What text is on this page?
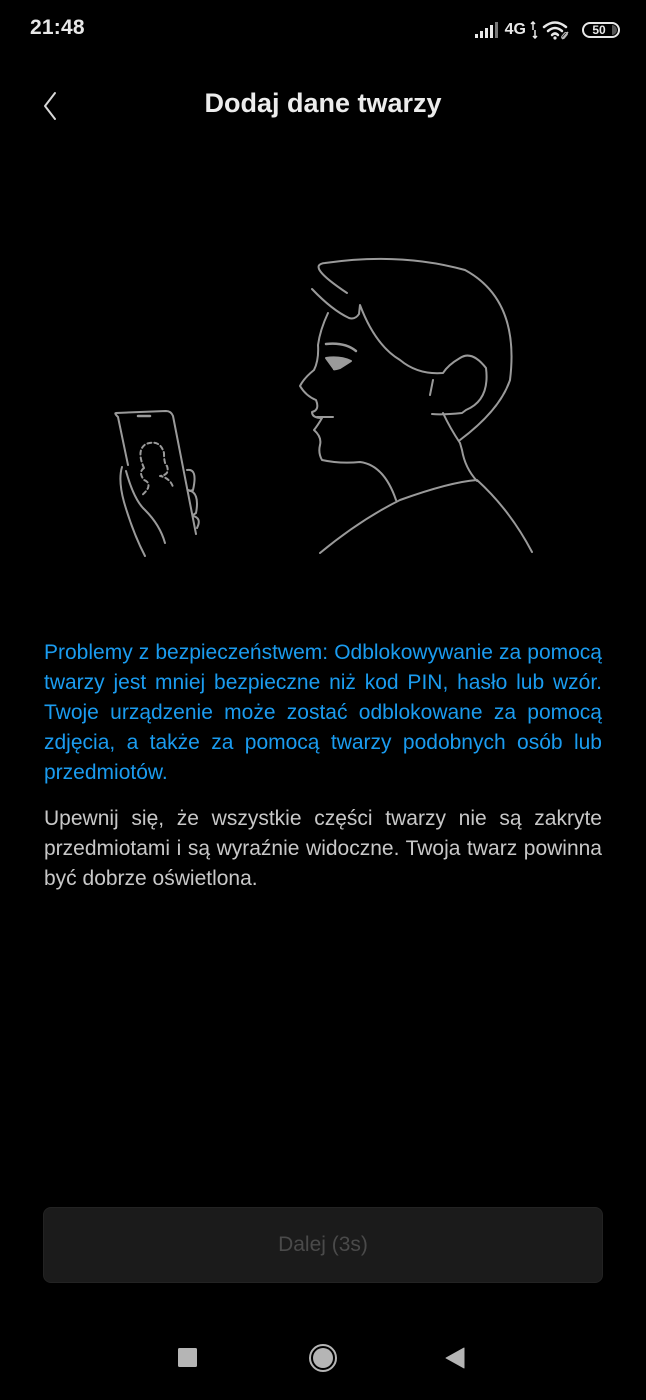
21:48	4G	50
Dodaj dane twarzy

Problemy z bezpieczeństwem: Odblokowywanie za pomocą twarzy jest mniej bezpieczne niż kod PIN, hasło lub wzór. Twoje urządzenie może zostać odblokowane za pomocą zdjęcia, a także za pomocą twarzy podobnych osób lub przedmiotów.

Upewnij się, że wszystkie części twarzy nie są zakryte przedmiotami i są wyraźnie widoczne. Twoja twarz powinna być dobrze oświetlona.

Dalej (3s)
